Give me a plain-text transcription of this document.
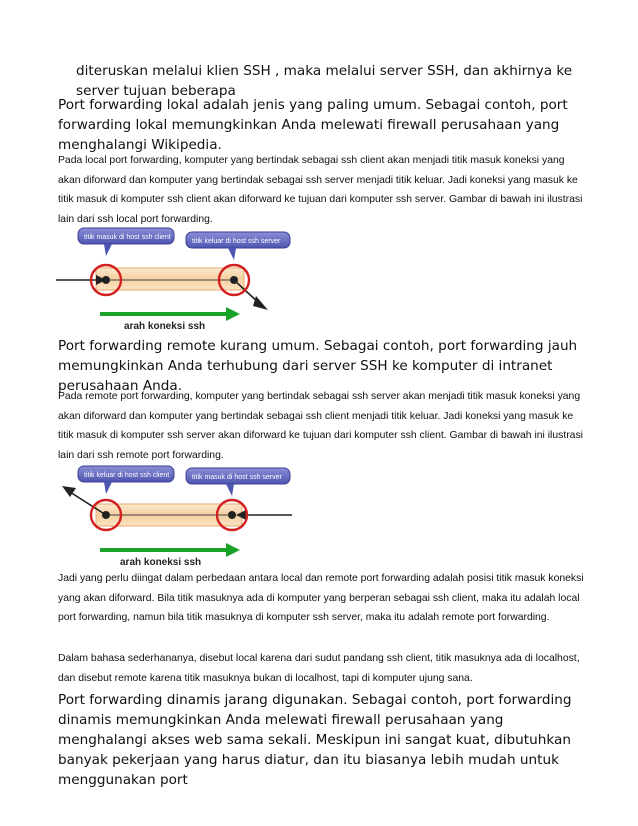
diteruskan melalui klien SSH , maka melalui server SSH, dan akhirnya ke server tujuan beberapa

Port forwarding lokal adalah jenis yang paling umum. Sebagai contoh, port forwarding lokal memungkinkan Anda melewati firewall perusahaan yang menghalangi Wikipedia.

Pada local port forwarding, komputer yang bertindak sebagai ssh client akan menjadi titik masuk koneksi yang akan diforward dan komputer yang bertindak sebagai ssh server menjadi titik keluar. Jadi koneksi yang masuk ke titik masuk di komputer ssh client akan diforward ke tujuan dari komputer ssh server. Gambar di bawah ini ilustrasi lain dari ssh local port forwarding.

titik masuk di host ssh client
titik keluar di host ssh server
arah koneksi ssh

Port forwarding remote kurang umum. Sebagai contoh, port forwarding jauh memungkinkan Anda terhubung dari server SSH ke komputer di intranet perusahaan Anda.

Pada remote port forwarding, komputer yang bertindak sebagai ssh server akan menjadi titik masuk koneksi yang akan diforward dan komputer yang bertindak sebagai ssh client menjadi titik keluar. Jadi koneksi yang masuk ke titik masuk di komputer ssh server akan diforward ke tujuan dari komputer ssh client. Gambar di bawah ini ilustrasi lain dari ssh remote port forwarding.

titik keluar di host ssh client	titik masuk di host ssh server
arah koneksi ssh

Jadi yang perlu diingat dalam perbedaan antara local dan remote port forwarding adalah posisi titik masuk koneksi yang akan diforward. Bila titik masuknya ada di komputer yang berperan sebagai ssh client, maka itu adalah local port forwarding, namun bila titik masuknya di komputer ssh server, maka itu adalah remote port forwarding.

Dalam bahasa sederhananya, disebut local karena dari sudut pandang ssh client, titik masuknya ada di localhost, dan disebut remote karena titik masuknya bukan di localhost, tapi di komputer ujung sana.

Port forwarding dinamis jarang digunakan. Sebagai contoh, port forwarding dinamis memungkinkan Anda melewati firewall perusahaan yang menghalangi akses web sama sekali. Meskipun ini sangat kuat, dibutuhkan banyak pekerjaan yang harus diatur, dan itu biasanya lebih mudah untuk menggunakan port
